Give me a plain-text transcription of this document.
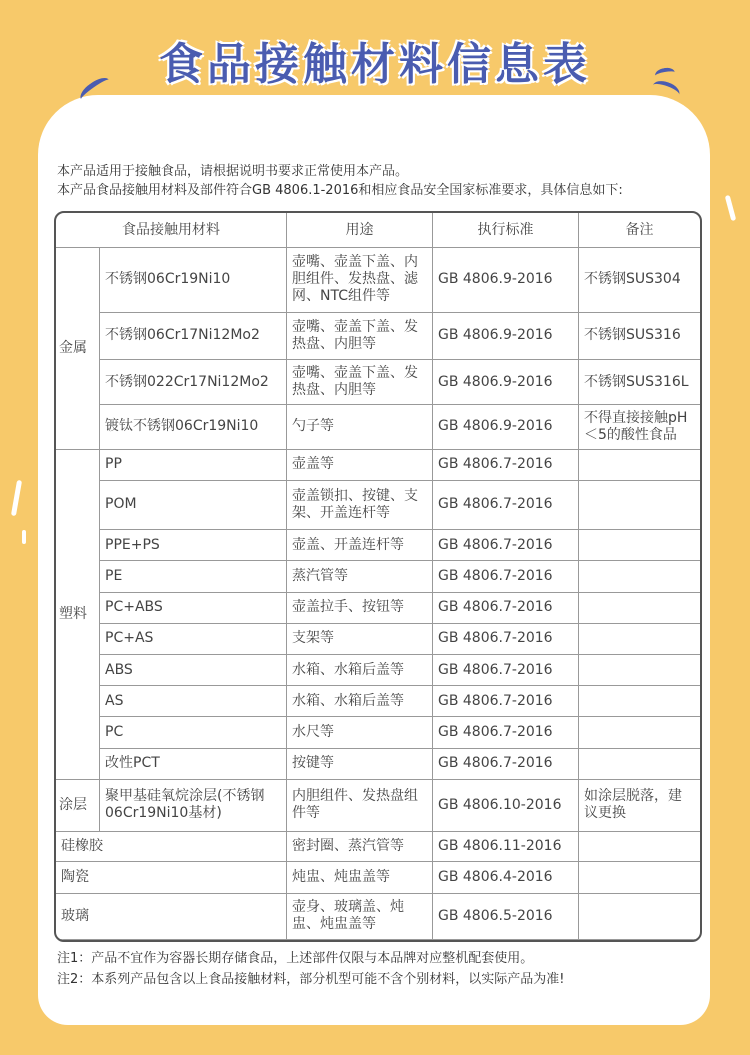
食品接触材料信息表
本产品适用于接触食品，请根据说明书要求正常使用本产品。
本产品食品接触用材料及部件符合GB 4806.1-2016和相应食品安全国家标准要求，具体信息如下:
食品接触用材料		用途	执行标准	备注
金属	不锈钢06Cr19Ni10	壶嘴、壶盖下盖、内胆组件、发热盘、滤网、NTC组件等	GB 4806.9-2016	不锈钢SUS304
	不锈钢06Cr17Ni12Mo2	壶嘴、壶盖下盖、发热盘、内胆等	GB 4806.9-2016	不锈钢SUS316
	不锈钢022Cr17Ni12Mo2	壶嘴、壶盖下盖、发热盘、内胆等	GB 4806.9-2016	不锈钢SUS316L
	镀钛不锈钢06Cr19Ni10	勺子等	GB 4806.9-2016	不得直接接触pH＜5的酸性食品
塑料	PP	壶盖等	GB 4806.7-2016	
	POM	壶盖锁扣、按键、支架、开盖连杆等	GB 4806.7-2016	
	PPE+PS	壶盖、开盖连杆等	GB 4806.7-2016	
	PE	蒸汽管等	GB 4806.7-2016	
	PC+ABS	壶盖拉手、按钮等	GB 4806.7-2016	
	PC+AS	支架等	GB 4806.7-2016	
	ABS	水箱、水箱后盖等	GB 4806.7-2016	
	AS	水箱、水箱后盖等	GB 4806.7-2016	
	PC	水尺等	GB 4806.7-2016	
	改性PCT	按键等	GB 4806.7-2016	
涂层	聚甲基硅氧烷涂层(不锈钢06Cr19Ni10基材)	内胆组件、发热盘组件等	GB 4806.10-2016	如涂层脱落，建议更换
硅橡胶		密封圈、蒸汽管等	GB 4806.11-2016	
陶瓷		炖盅、炖盅盖等	GB 4806.4-2016	
玻璃		壶身、玻璃盖、炖盅、炖盅盖等	GB 4806.5-2016	
注1：产品不宜作为容器长期存储食品，上述部件仅限与本品牌对应整机配套使用。
注2：本系列产品包含以上食品接触材料，部分机型可能不含个别材料，以实际产品为准!
